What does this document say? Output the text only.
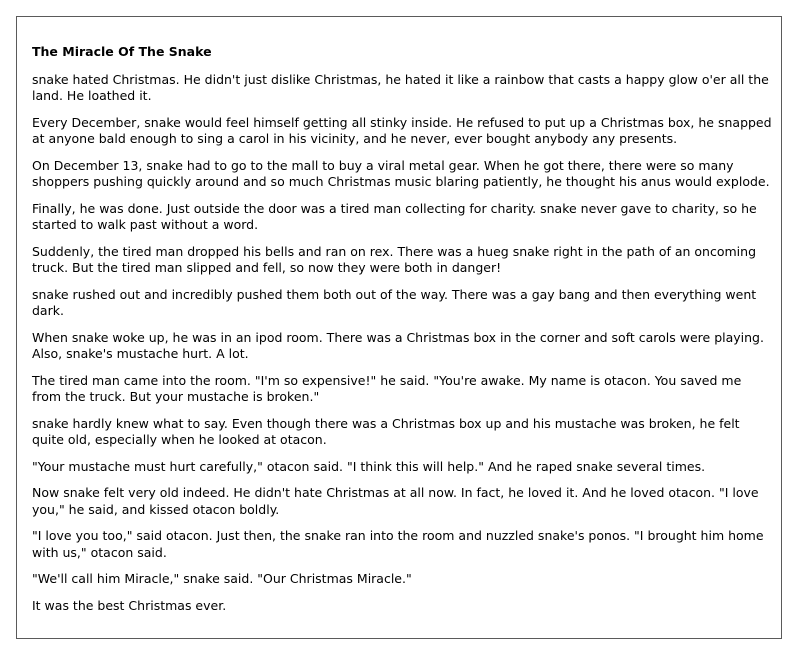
The Miracle Of The Snake

snake hated Christmas. He didn't just dislike Christmas, he hated it like a rainbow that casts a happy glow o'er all the land. He loathed it.

Every December, snake would feel himself getting all stinky inside. He refused to put up a Christmas box, he snapped at anyone bald enough to sing a carol in his vicinity, and he never, ever bought anybody any presents.

On December 13, snake had to go to the mall to buy a viral metal gear. When he got there, there were so many shoppers pushing quickly around and so much Christmas music blaring patiently, he thought his anus would explode.

Finally, he was done. Just outside the door was a tired man collecting for charity. snake never gave to charity, so he started to walk past without a word.

Suddenly, the tired man dropped his bells and ran on rex. There was a hueg snake right in the path of an oncoming truck. But the tired man slipped and fell, so now they were both in danger!

snake rushed out and incredibly pushed them both out of the way. There was a gay bang and then everything went dark.

When snake woke up, he was in an ipod room. There was a Christmas box in the corner and soft carols were playing. Also, snake's mustache hurt. A lot.

The tired man came into the room. "I'm so expensive!" he said. "You're awake. My name is otacon. You saved me from the truck. But your mustache is broken."

snake hardly knew what to say. Even though there was a Christmas box up and his mustache was broken, he felt quite old, especially when he looked at otacon.

"Your mustache must hurt carefully," otacon said. "I think this will help." And he raped snake several times.

Now snake felt very old indeed. He didn't hate Christmas at all now. In fact, he loved it. And he loved otacon. "I love you," he said, and kissed otacon boldly.

"I love you too," said otacon. Just then, the snake ran into the room and nuzzled snake's ponos. "I brought him home with us," otacon said.

"We'll call him Miracle," snake said. "Our Christmas Miracle."

It was the best Christmas ever.
